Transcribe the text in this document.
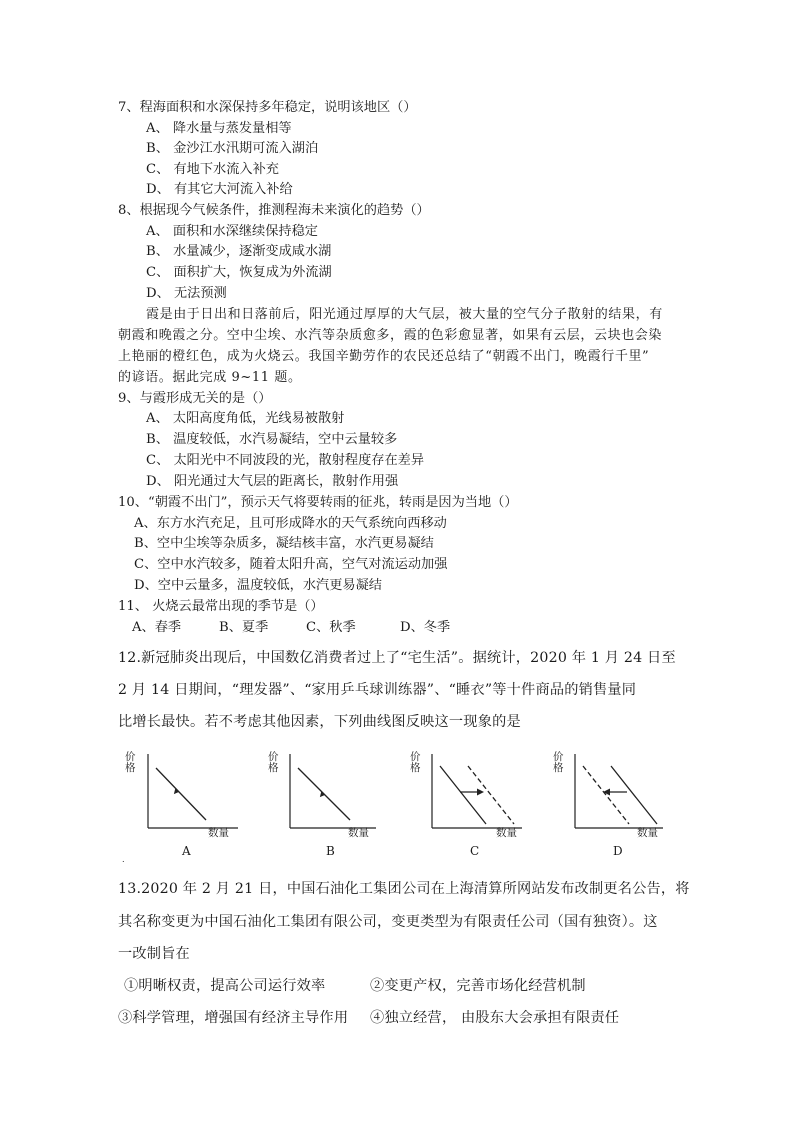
7、程海面积和水深保持多年稳定，说明该地区（）
A、 降水量与蒸发量相等
B、 金沙江水汛期可流入湖泊
C、 有地下水流入补充
D、 有其它大河流入补给
8、根据现今气候条件，推测程海未来演化的趋势（）
A、 面积和水深继续保持稳定
B、 水量减少，逐渐变成咸水湖
C、 面积扩大，恢复成为外流湖
D、 无法预测
霞是由于日出和日落前后，阳光通过厚厚的大气层，被大量的空气分子散射的结果，有
朝霞和晚霞之分。空中尘埃、水汽等杂质愈多，霞的色彩愈显著，如果有云层，云块也会染
上艳丽的橙红色，成为火烧云。我国辛勤劳作的农民还总结了“朝霞不出门，晚霞行千里”
的谚语。据此完成 9~11 题。
9、与霞形成无关的是（）
A、 太阳高度角低，光线易被散射
B、 温度较低，水汽易凝结，空中云量较多
C、 太阳光中不同波段的光，散射程度存在差异
D、 阳光通过大气层的距离长，散射作用强
10、“朝霞不出门”，预示天气将要转雨的征兆，转雨是因为当地（）
A、东方水汽充足，且可形成降水的天气系统向西移动
B、空中尘埃等杂质多，凝结核丰富，水汽更易凝结
C、空中水汽较多，随着太阳升高，空气对流运动加强
D、空中云量多，温度较低，水汽更易凝结
11、 火烧云最常出现的季节是（）
A、春季	B、夏季	C、秋季	D、冬季
12.新冠肺炎出现后，中国数亿消费者过上了“宅生活”。据统计，2020 年 1 月 24 日至
2 月 14 日期间，“理发器”、“家用乒乓球训练器”、“睡衣”等十件商品的销售量同
比增长最快。若不考虑其他因素，下列曲线图反映这一现象的是
价格
数量
A
价格
数量
B
价格
数量
C
价格
数量
D
.
13.2020 年 2 月 21 日，中国石油化工集团公司在上海清算所网站发布改制更名公告，将
其名称变更为中国石油化工集团有限公司，变更类型为有限责任公司（国有独资）。这
一改制旨在
①明晰权责，提高公司运行效率	②变更产权，完善市场化经营机制
③科学管理，增强国有经济主导作用 ④独立经营， 由股东大会承担有限责任
